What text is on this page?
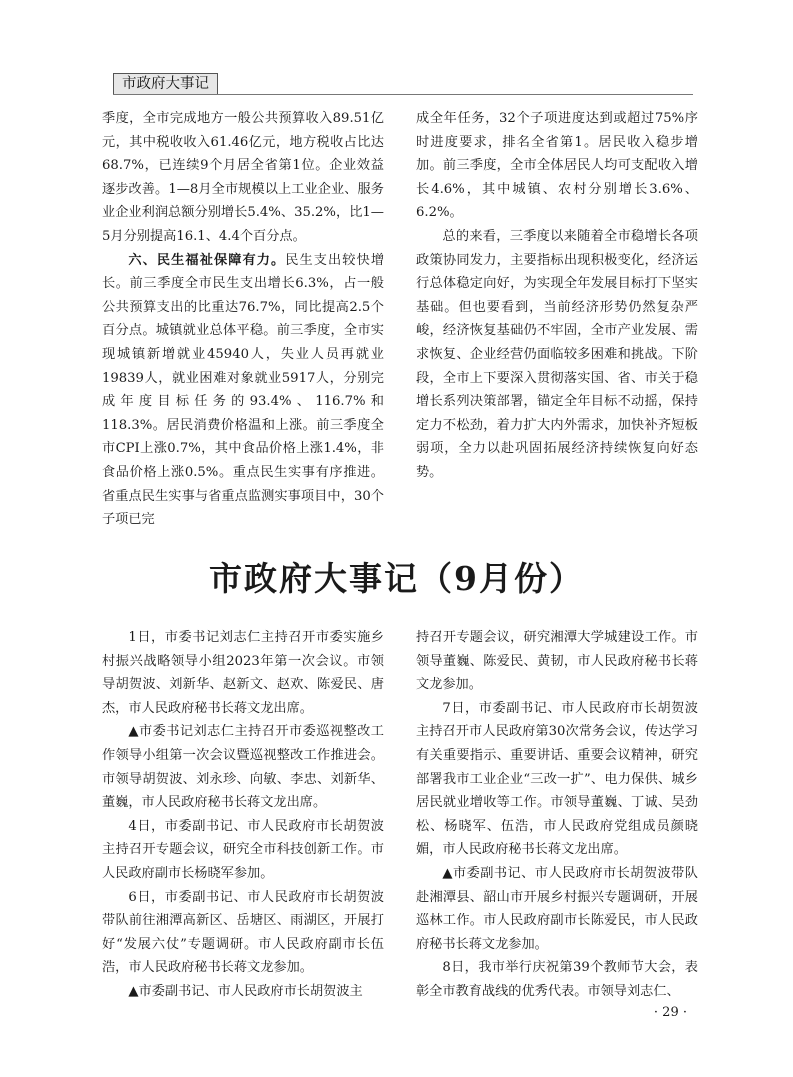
市政府大事记

季度，全市完成地方一般公共预算收入89.51亿元，其中税收收入61.46亿元，地方税收占比达68.7%，已连续9个月居全省第1位。企业效益逐步改善。1—8月全市规模以上工业企业、服务业企业利润总额分别增长5.4%、35.2%，比1—5月分别提高16.1、4.4个百分点。

六、民生福祉保障有力。民生支出较快增长。前三季度全市民生支出增长6.3%，占一般公共预算支出的比重达76.7%，同比提高2.5个百分点。城镇就业总体平稳。前三季度，全市实现城镇新增就业45940人，失业人员再就业19839人，就业困难对象就业5917人，分别完成年度目标任务的93.4%、116.7%和118.3%。居民消费价格温和上涨。前三季度全市CPI上涨0.7%，其中食品价格上涨1.4%，非食品价格上涨0.5%。重点民生实事有序推进。省重点民生实事与省重点监测实事项目中，30个子项已完

成全年任务，32个子项进度达到或超过75%序时进度要求，排名全省第1。居民收入稳步增加。前三季度，全市全体居民人均可支配收入增长4.6%，其中城镇、农村分别增长3.6%、6.2%。

总的来看，三季度以来随着全市稳增长各项政策协同发力，主要指标出现积极变化，经济运行总体稳定向好，为实现全年发展目标打下坚实基础。但也要看到，当前经济形势仍然复杂严峻，经济恢复基础仍不牢固，全市产业发展、需求恢复、企业经营仍面临较多困难和挑战。下阶段，全市上下要深入贯彻落实国、省、市关于稳增长系列决策部署，锚定全年目标不动摇，保持定力不松劲，着力扩大内外需求，加快补齐短板弱项，全力以赴巩固拓展经济持续恢复向好态势。

市政府大事记（9月份）

1日，市委书记刘志仁主持召开市委实施乡村振兴战略领导小组2023年第一次会议。市领导胡贺波、刘新华、赵新文、赵欢、陈爱民、唐杰，市人民政府秘书长蒋文龙出席。

▲市委书记刘志仁主持召开市委巡视整改工作领导小组第一次会议暨巡视整改工作推进会。市领导胡贺波、刘永珍、向敏、李忠、刘新华、董巍，市人民政府秘书长蒋文龙出席。

4日，市委副书记、市人民政府市长胡贺波主持召开专题会议，研究全市科技创新工作。市人民政府副市长杨晓军参加。

6日，市委副书记、市人民政府市长胡贺波带队前往湘潭高新区、岳塘区、雨湖区，开展打好“发展六仗”专题调研。市人民政府副市长伍浩，市人民政府秘书长蒋文龙参加。

▲市委副书记、市人民政府市长胡贺波主

持召开专题会议，研究湘潭大学城建设工作。市领导董巍、陈爱民、黄韧，市人民政府秘书长蒋文龙参加。

7日，市委副书记、市人民政府市长胡贺波主持召开市人民政府第30次常务会议，传达学习有关重要指示、重要讲话、重要会议精神，研究部署我市工业企业“三改一扩”、电力保供、城乡居民就业增收等工作。市领导董巍、丁诚、吴劲松、杨晓军、伍浩，市人民政府党组成员颜晓媚，市人民政府秘书长蒋文龙出席。

▲市委副书记、市人民政府市长胡贺波带队赴湘潭县、韶山市开展乡村振兴专题调研，开展巡林工作。市人民政府副市长陈爱民，市人民政府秘书长蒋文龙参加。

8日，我市举行庆祝第39个教师节大会，表彰全市教育战线的优秀代表。市领导刘志仁、

· 29 ·
